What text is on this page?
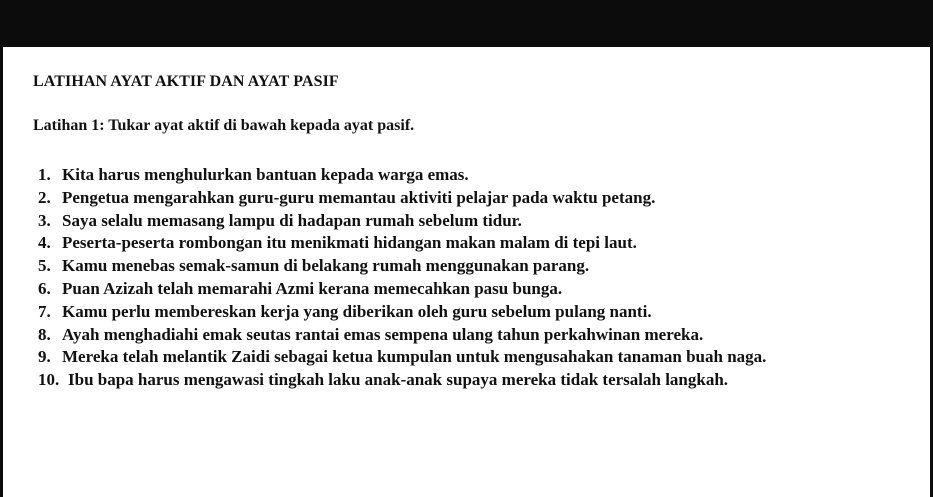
LATIHAN AYAT AKTIF DAN AYAT PASIF
Latihan 1: Tukar ayat aktif di bawah kepada ayat pasif.
1. Kita harus menghulurkan bantuan kepada warga emas.
2. Pengetua mengarahkan guru-guru memantau aktiviti pelajar pada waktu petang.
3. Saya selalu memasang lampu di hadapan rumah sebelum tidur.
4. Peserta-peserta rombongan itu menikmati hidangan makan malam di tepi laut.
5. Kamu menebas semak-samun di belakang rumah menggunakan parang.
6. Puan Azizah telah memarahi Azmi kerana memecahkan pasu bunga.
7. Kamu perlu membereskan kerja yang diberikan oleh guru sebelum pulang nanti.
8. Ayah menghadiahi emak seutas rantai emas sempena ulang tahun perkahwinan mereka.
9. Mereka telah melantik Zaidi sebagai ketua kumpulan untuk mengusahakan tanaman buah naga.
10. Ibu bapa harus mengawasi tingkah laku anak-anak supaya mereka tidak tersalah langkah.
